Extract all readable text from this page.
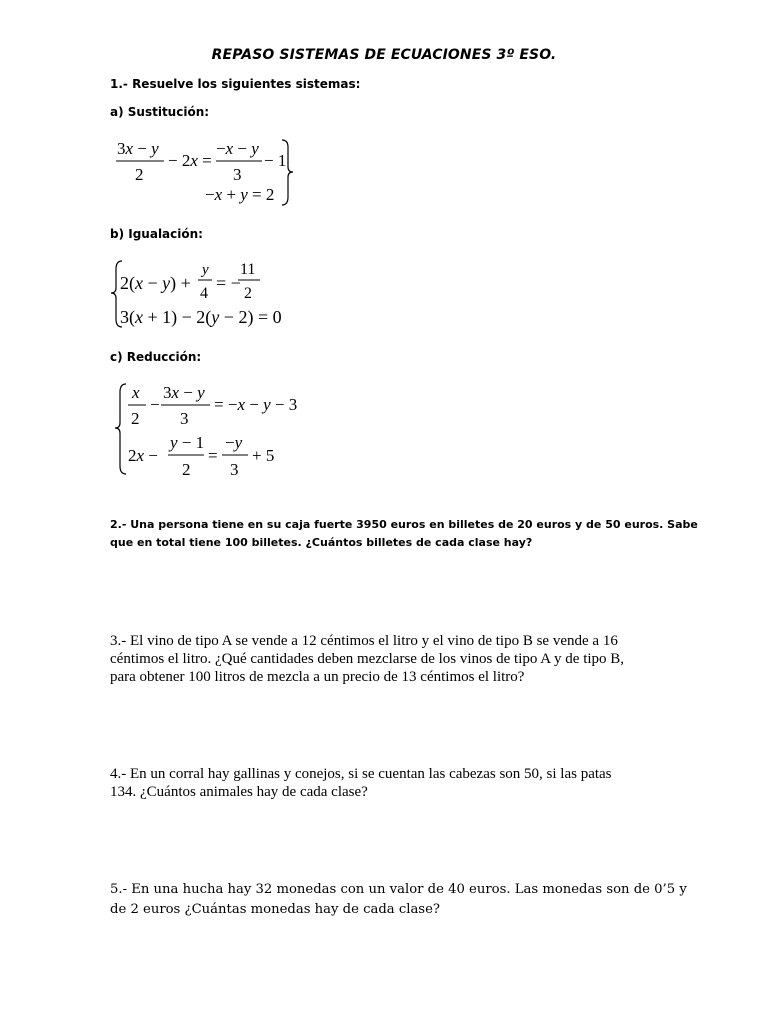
REPASO SISTEMAS DE ECUACIONES 3º ESO.
1.- Resuelve los siguientes sistemas:
a) Sustitución:
3x − y
2
− 2x =
−x − y
3
− 1
−x + y = 2
b) Igualación:
2(x − y) +
y
4
= −
11
2
3(x + 1) − 2(y − 2) = 0
c) Reducción:
x
2
−
3x − y
3
= −x − y − 3
2x −
y − 1
2
=
−y
3
+ 5
2.- Una persona tiene en su caja fuerte 3950 euros en billetes de 20 euros y de 50 euros. Sabe
que en total tiene 100 billetes. ¿Cuántos billetes de cada clase hay?
3.- El vino de tipo A se vende a 12 céntimos el litro y el vino de tipo B se vende a 16
céntimos el litro. ¿Qué cantidades deben mezclarse de los vinos de tipo A y de tipo B,
para obtener 100 litros de mezcla a un precio de 13 céntimos el litro?
4.- En un corral hay gallinas y conejos, si se cuentan las cabezas son 50, si las patas
134. ¿Cuántos animales hay de cada clase?
5.- En una hucha hay 32 monedas con un valor de 40 euros. Las monedas son de 0’5 y
de 2 euros ¿Cuántas monedas hay de cada clase?
